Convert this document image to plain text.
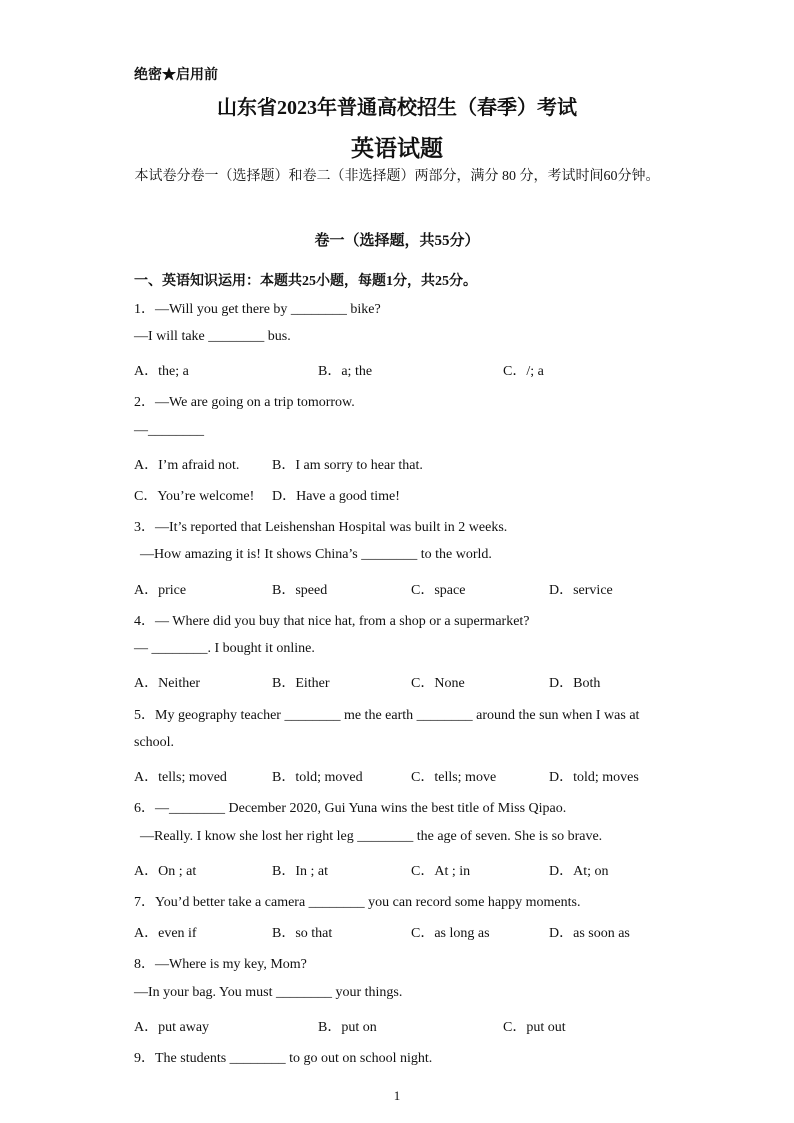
绝密★启用前
山东省2023年普通高校招生（春季）考试
英语试题
本试卷分卷一（选择题）和卷二（非选择题）两部分，满分 80 分，考试时间60分钟。
卷一（选择题，共55分）
一、英语知识运用：本题共25小题，每题1分，共25分。
1．—Will you get there by ________ bike?
—I will take ________ bus.
A．the; a	B．a; the	C．/; a
2．—We are going on a trip tomorrow.
—________
A．I’m afraid not. B．I am sorry to hear that.
C．You’re welcome! D．Have a good time!
3．—It’s reported that Leishenshan Hospital was built in 2 weeks.
—How amazing it is! It shows China’s ________ to the world.
A．price	B．speed	C．space	D．service
4．— Where did you buy that nice hat, from a shop or a supermarket?
— ________. I bought it online.
A．Neither	B．Either	C．None	D．Both
5．My geography teacher ________ me the earth ________ around the sun when I was at
school.
A．tells; moved	B．told; moved	C．tells; move	D．told; moves
6．—________ December 2020, Gui Yuna wins the best title of Miss Qipao.
—Really. I know she lost her right leg ________ the age of seven. She is so brave.
A．On ; at	B．In ; at	C．At ; in	D．At; on
7．You’d better take a camera ________ you can record some happy moments.
A．even if	B．so that	C．as long as	D．as soon as
8．—Where is my key, Mom?
—In your bag. You must ________ your things.
A．put away	B．put on	C．put out
9．The students ________ to go out on school night.
1
